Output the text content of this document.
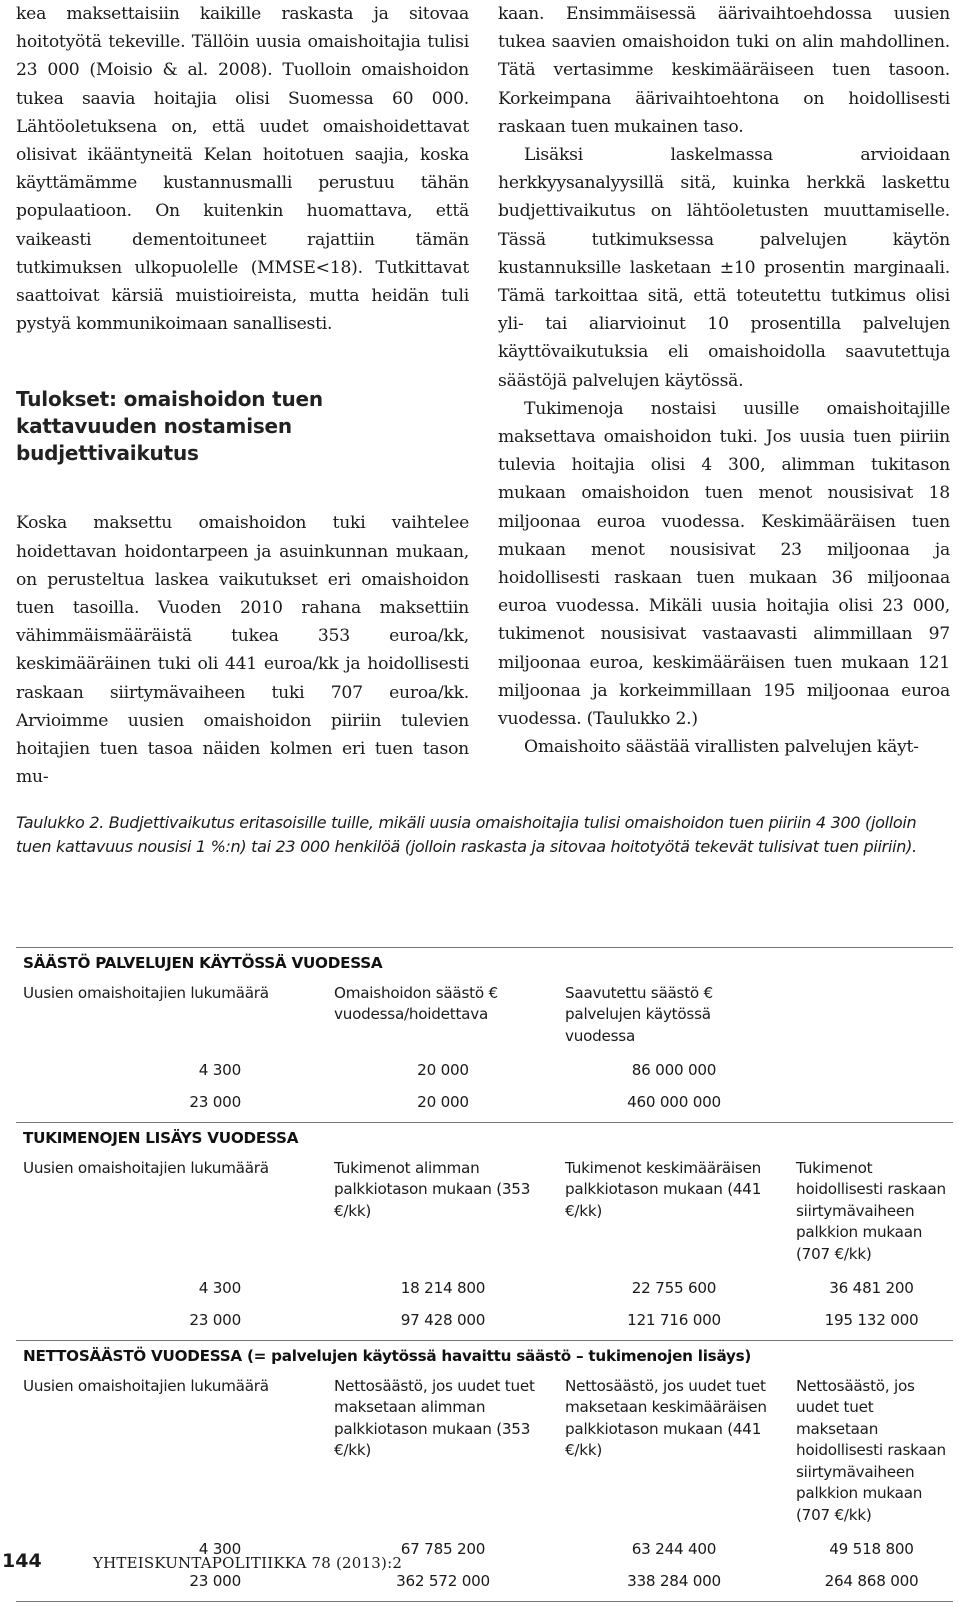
kea maksettaisiin kaikille raskasta ja sitovaa hoitotyötä tekeville. Tällöin uusia omaishoitajia tulisi 23 000 (Moisio & al. 2008). Tuolloin omaishoidon tukea saavia hoitajia olisi Suomessa 60 000. Lähtöoletuksena on, että uudet omaishoidettavat olisivat ikääntyneitä Kelan hoitotuen saajia, koska käyttämämme kustannusmalli perustuu tähän populaatioon. On kuitenkin huomattava, että vaikeasti dementoituneet rajattiin tämän tutkimuksen ulkopuolelle (MMSE<18). Tutkittavat saattoivat kärsiä muistioireista, mutta heidän tuli pystyä kommunikoimaan sanallisesti.

Tulokset: omaishoidon tuen kattavuuden nostamisen budjettivaikutus

Koska maksettu omaishoidon tuki vaihtelee hoidettavan hoidontarpeen ja asuinkunnan mukaan, on perusteltua laskea vaikutukset eri omaishoidon tuen tasoilla. Vuoden 2010 rahana maksettiin vähimmäismääräistä tukea 353 euroa/kk, keskimääräinen tuki oli 441 euroa/kk ja hoidollisesti raskaan siirtymävaiheen tuki 707 euroa/kk. Arvioimme uusien omaishoidon piiriin tulevien hoitajien tuen tasoa näiden kolmen eri tuen tason mu-

kaan. Ensimmäisessä äärivaihtoehdossa uusien tukea saavien omaishoidon tuki on alin mahdollinen. Tätä vertasimme keskimääräiseen tuen tasoon. Korkeimpana äärivaihtoehtona on hoidollisesti raskaan tuen mukainen taso.

Lisäksi laskelmassa arvioidaan herkkyysanalyysillä sitä, kuinka herkkä laskettu budjettivaikutus on lähtöoletusten muuttamiselle. Tässä tutkimuksessa palvelujen käytön kustannuksille lasketaan ±10 prosentin marginaali. Tämä tarkoittaa sitä, että toteutettu tutkimus olisi yli- tai aliarvioinut 10 prosentilla palvelujen käyttövaikutuksia eli omaishoidolla saavutettuja säästöjä palvelujen käytössä.

Tukimenoja nostaisi uusille omaishoitajille maksettava omaishoidon tuki. Jos uusia tuen piiriin tulevia hoitajia olisi 4 300, alimman tukitason mukaan omaishoidon tuen menot nousisivat 18 miljoonaa euroa vuodessa. Keskimääräisen tuen mukaan menot nousisivat 23 miljoonaa ja hoidollisesti raskaan tuen mukaan 36 miljoonaa euroa vuodessa. Mikäli uusia hoitajia olisi 23 000, tukimenot nousisivat vastaavasti alimmillaan 97 miljoonaa euroa, keskimääräisen tuen mukaan 121 miljoonaa ja korkeimmillaan 195 miljoonaa euroa vuodessa. (Taulukko 2.)

Omaishoito säästää virallisten palvelujen käyt-

Taulukko 2. Budjettivaikutus eritasoisille tuille, mikäli uusia omaishoitajia tulisi omaishoidon tuen piiriin 4 300 (jolloin tuen kattavuus nousisi 1 %:n) tai 23 000 henkilöä (jolloin raskasta ja sitovaa hoitotyötä tekevät tulisivat tuen piiriin).

SÄÄSTÖ PALVELUJEN KÄYTÖSSÄ VUODESSA			
Uusien omaishoitajien lukumäärä	Omaishoidon säästö € vuodessa/hoidettava	Saavutettu säästö € palvelujen käytössä vuodessa	
4 300	20 000	86 000 000	
23 000	20 000	460 000 000	
TUKIMENOJEN LISÄYS VUODESSA			
Uusien omaishoitajien lukumäärä	Tukimenot alimman palkkiotason mukaan (353 €/kk)	Tukimenot keskimääräisen palkkiotason mukaan (441 €/kk)	Tukimenot hoidollisesti raskaan siirtymävaiheen palkkion mukaan (707 €/kk)
4 300	18 214 800	22 755 600	36 481 200
23 000	97 428 000	121 716 000	195 132 000
NETTOSÄÄSTÖ VUODESSA (= palvelujen käytössä havaittu säästö – tukimenojen lisäys)			
Uusien omaishoitajien lukumäärä	Nettosäästö, jos uudet tuet maksetaan alimman palkkiotason mukaan (353 €/kk)	Nettosäästö, jos uudet tuet maksetaan keskimääräisen palkkiotason mukaan (441 €/kk)	Nettosäästö, jos uudet tuet maksetaan hoidollisesti raskaan siirtymävaiheen palkkion mukaan (707 €/kk)
4 300	67 785 200	63 244 400	49 518 800
23 000	362 572 000	338 284 000	264 868 000
144	YHTEISKUNTAPOLITIIKKA 78 (2013):2
